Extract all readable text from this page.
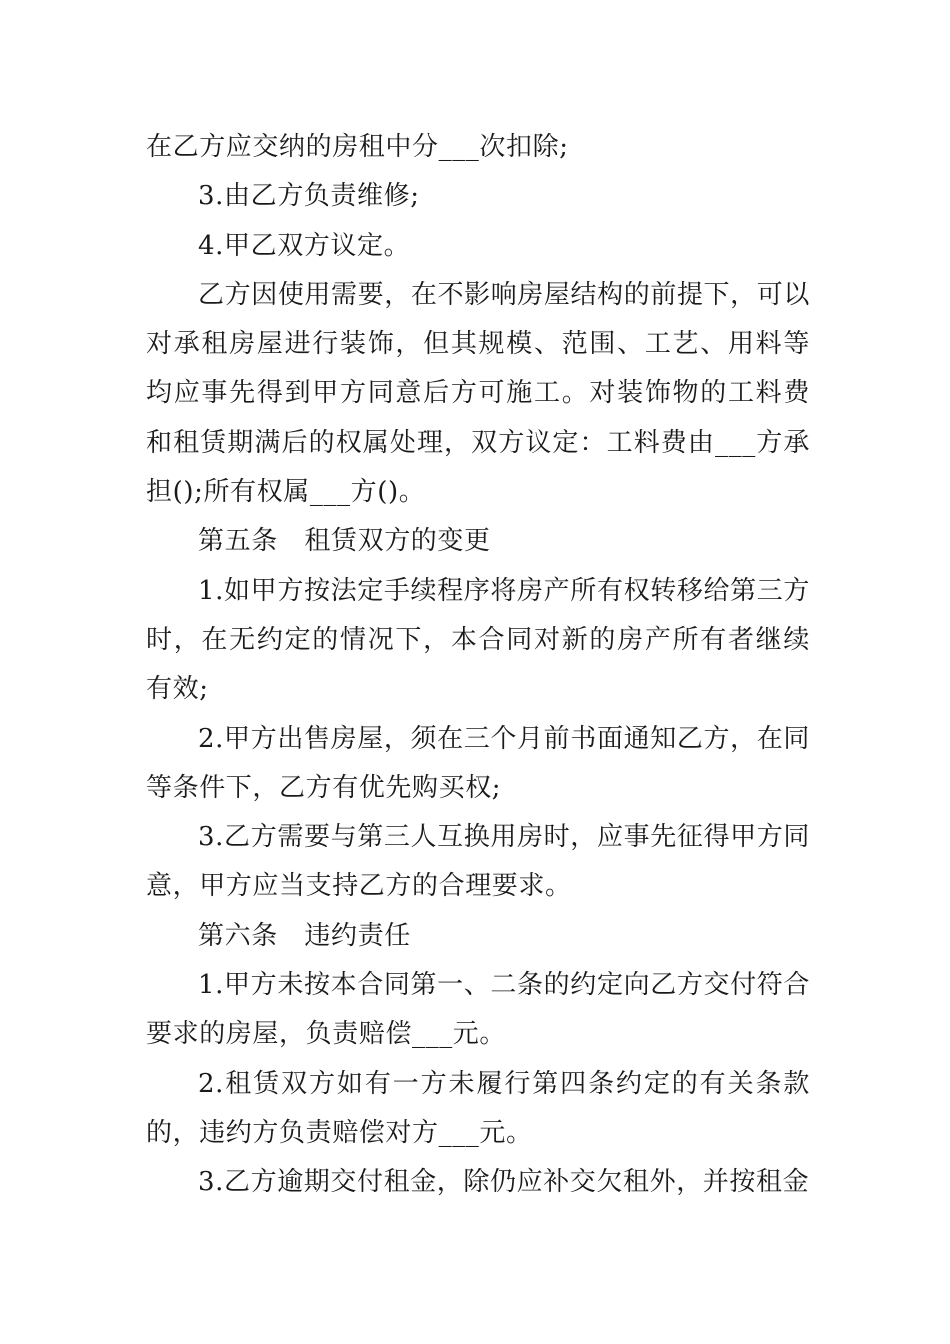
在乙方应交纳的房租中分___次扣除;

3.由乙方负责维修;

4.甲乙双方议定。

乙方因使用需要，在不影响房屋结构的前提下，可以对承租房屋进行装饰，但其规模、范围、工艺、用料等均应事先得到甲方同意后方可施工。对装饰物的工料费和租赁期满后的权属处理，双方议定：工料费由___方承担();所有权属___方()。

第五条　租赁双方的变更

1.如甲方按法定手续程序将房产所有权转移给第三方时，在无约定的情况下，本合同对新的房产所有者继续有效;

2.甲方出售房屋，须在三个月前书面通知乙方，在同等条件下，乙方有优先购买权;

3.乙方需要与第三人互换用房时，应事先征得甲方同意，甲方应当支持乙方的合理要求。

第六条　违约责任

1.甲方未按本合同第一、二条的约定向乙方交付符合要求的房屋，负责赔偿___元。

2.租赁双方如有一方未履行第四条约定的有关条款的，违约方负责赔偿对方___元。

3.乙方逾期交付租金，除仍应补交欠租外，并按租金
